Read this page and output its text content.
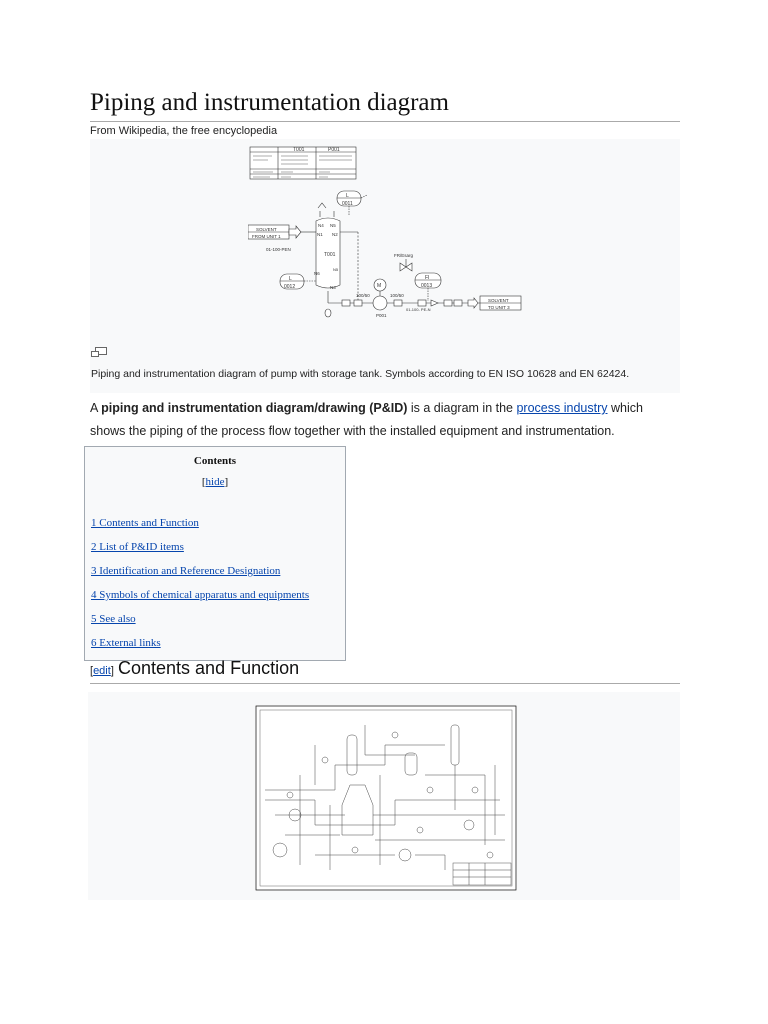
Piping and instrumentation diagram
From Wikipedia, the free encyclopedia
T001	P001
L
0011
N4 N5
N1 N2
T001
N6
N3
N5
SOLVENT
FROM UNIT 1
01-100-PEN
L
0012
FR/Esarg
FI
0013
M
P001
100/50	100/50
01-100- PE-N
SOLVENT
TO UNIT 3
Piping and instrumentation diagram of pump with storage tank. Symbols according to EN ISO 10628 and EN 62424.

A piping and instrumentation diagram/drawing (P&ID) is a diagram in the process industry which shows the piping of the process flow together with the installed equipment and instrumentation.

Contents
[hide]
1 Contents and Function
2 List of P&ID items
3 Identification and Reference Designation
4 Symbols of chemical apparatus and equipments
5 See also
6 External links
[edit] Contents and Function
